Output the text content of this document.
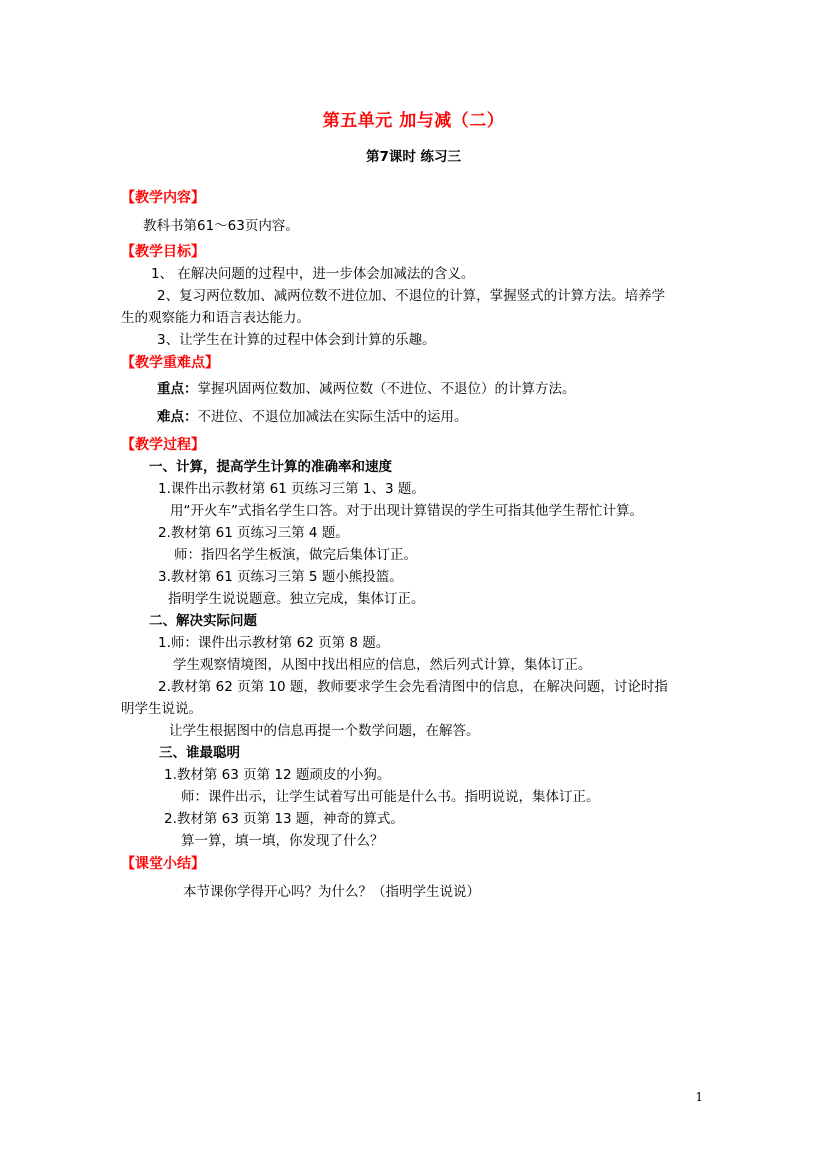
第五单元 加与减（二）
第7课时 练习三
【教学内容】
教科书第61～63页内容。
【教学目标】
1、 在解决问题的过程中，进一步体会加减法的含义。
2、复习两位数加、减两位数不进位加、不退位的计算，掌握竖式的计算方法。培养学
生的观察能力和语言表达能力。
3、让学生在计算的过程中体会到计算的乐趣。
【教学重难点】
重点：掌握巩固两位数加、减两位数（不进位、不退位）的计算方法。
难点：不进位、不退位加减法在实际生活中的运用。
【教学过程】
一、计算，提高学生计算的准确率和速度
1.课件出示教材第 61 页练习三第 1、3 题。
用“开火车”式指名学生口答。对于出现计算错误的学生可指其他学生帮忙计算。
2.教材第 61 页练习三第 4 题。
师：指四名学生板演，做完后集体订正。
3.教材第 61 页练习三第 5 题小熊投篮。
指明学生说说题意。独立完成，集体订正。
二、解决实际问题
1.师：课件出示教材第 62 页第 8 题。
学生观察情境图，从图中找出相应的信息，然后列式计算，集体订正。
2.教材第 62 页第 10 题，教师要求学生会先看清图中的信息，在解决问题，讨论时指
明学生说说。
让学生根据图中的信息再提一个数学问题，在解答。
三、谁最聪明
1.教材第 63 页第 12 题顽皮的小狗。
师：课件出示，让学生试着写出可能是什么书。指明说说，集体订正。
2.教材第 63 页第 13 题，神奇的算式。
算一算，填一填，你发现了什么？
【课堂小结】
本节课你学得开心吗？为什么？（指明学生说说）
1
